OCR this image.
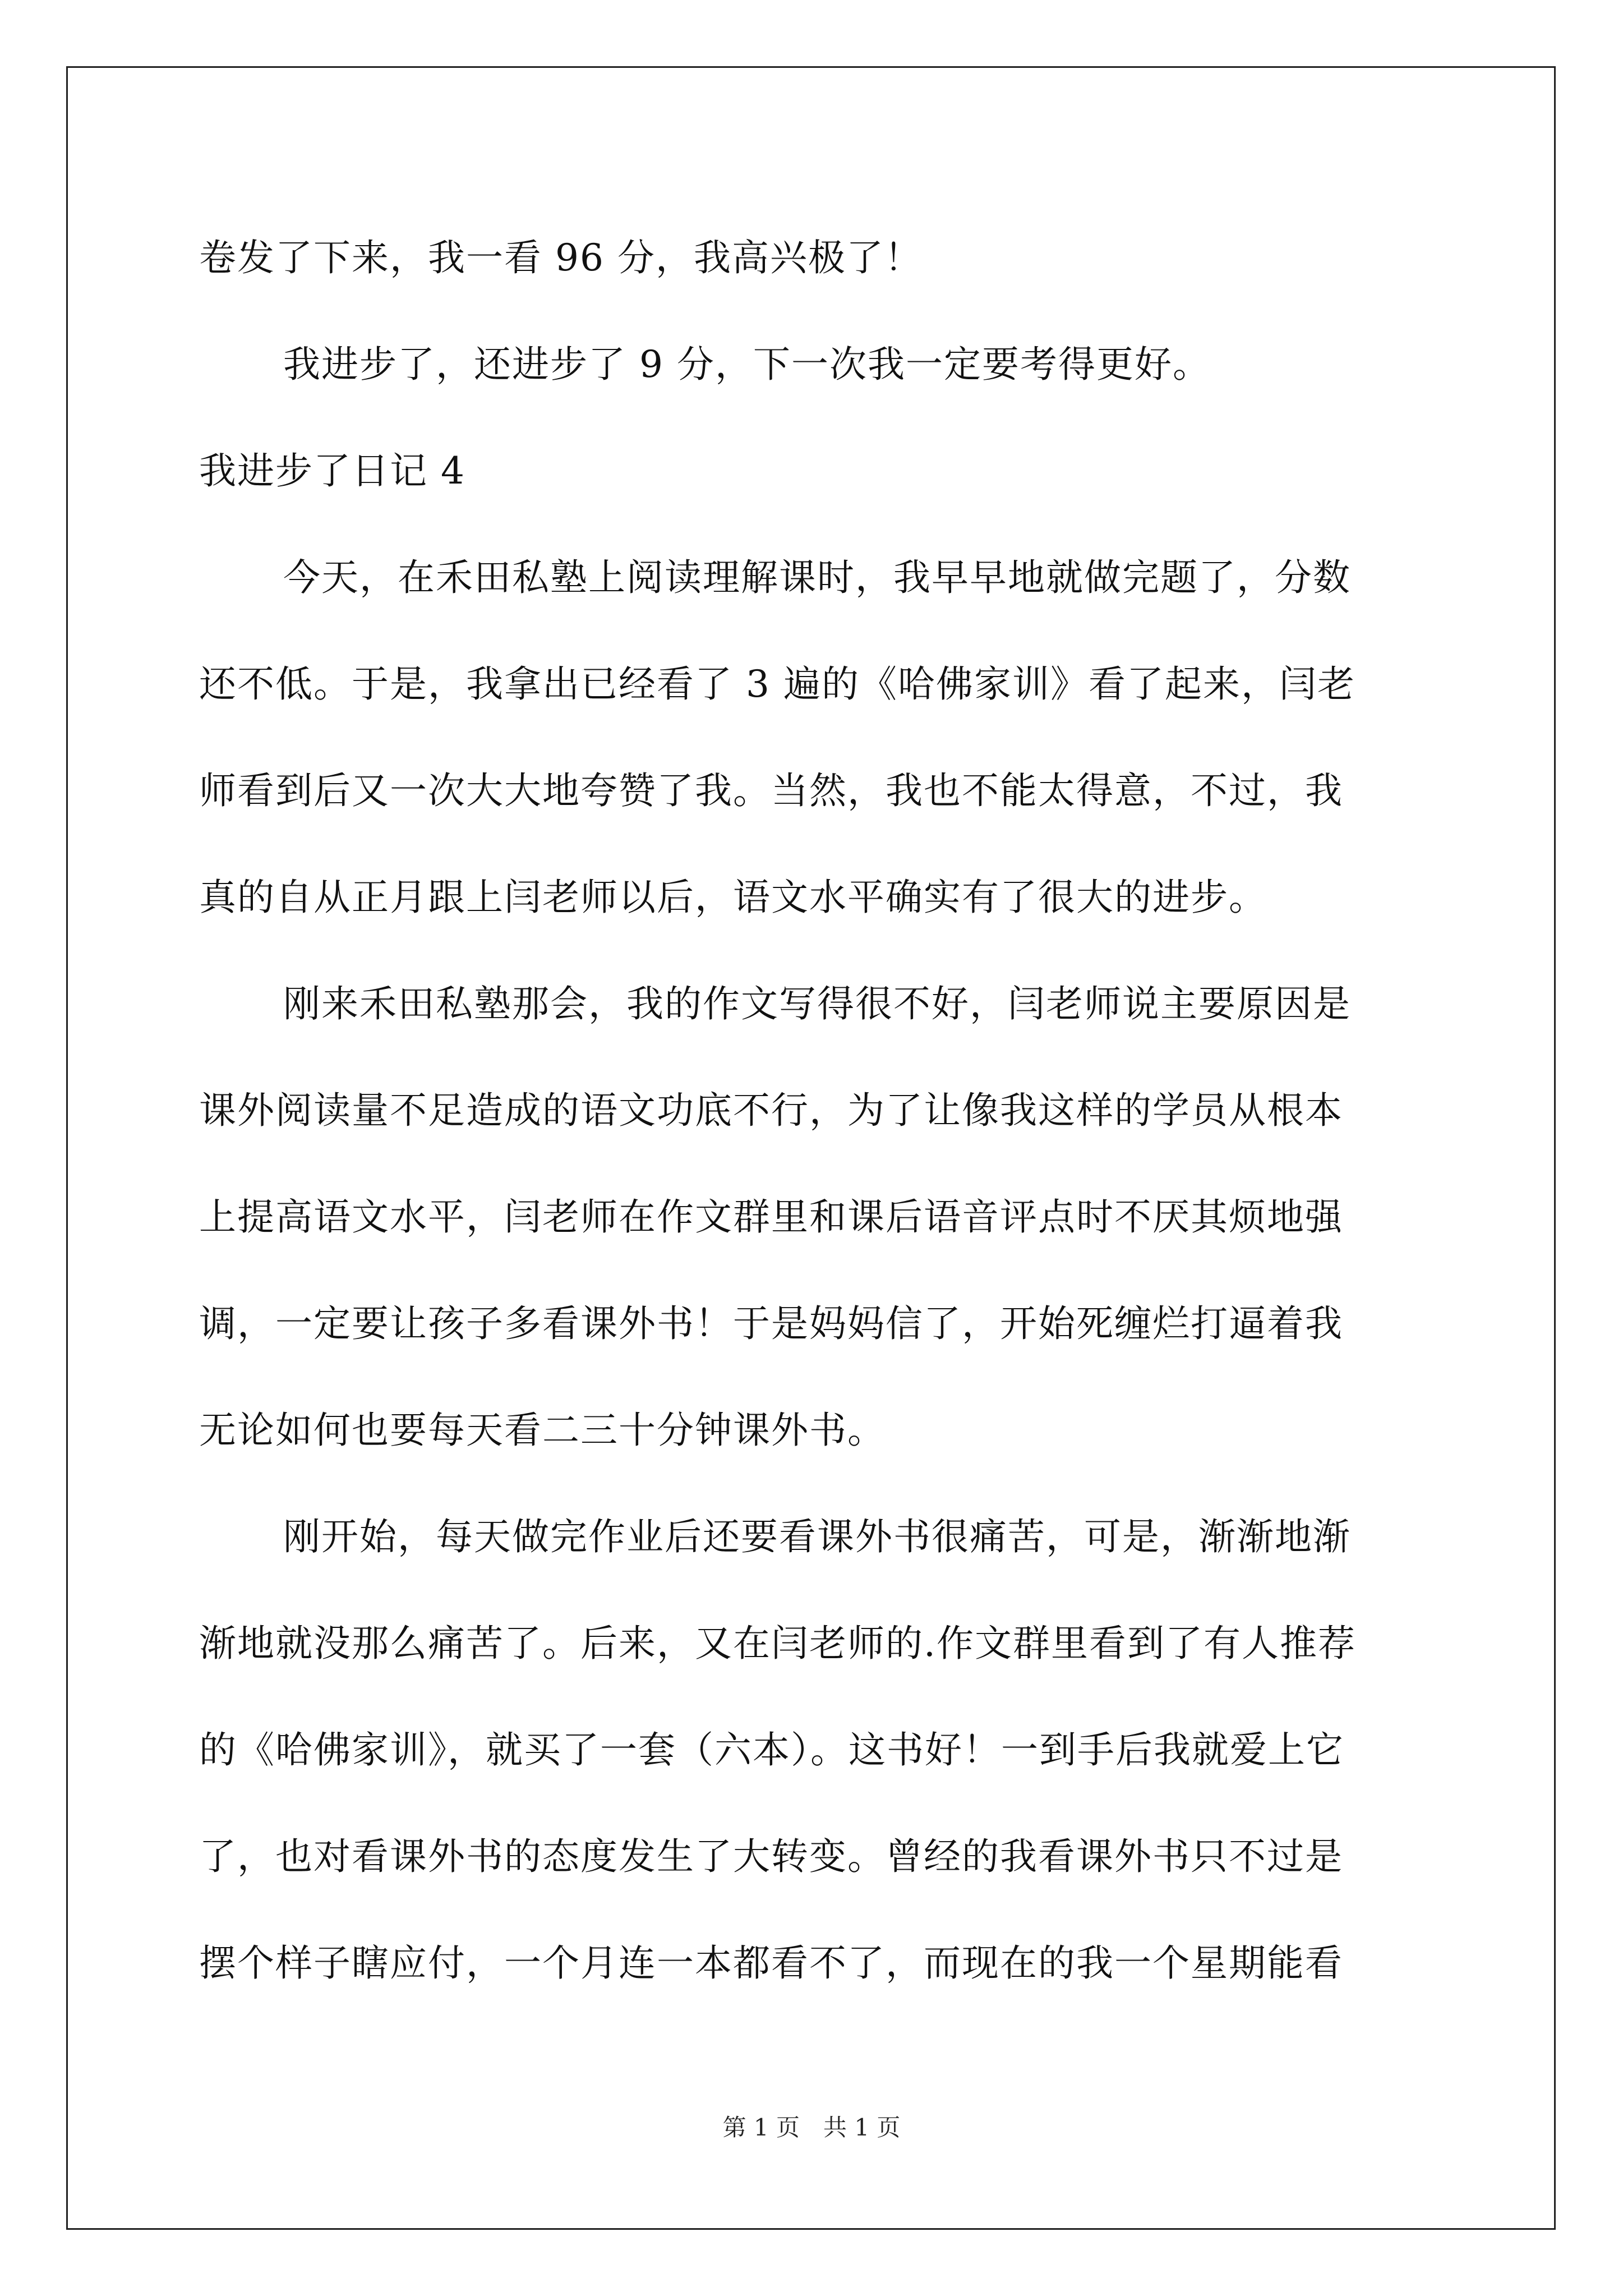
卷发了下来，我一看 96 分，我高兴极了！
我进步了，还进步了 9 分，下一次我一定要考得更好。
我进步了日记 4
今天，在禾田私塾上阅读理解课时，我早早地就做完题了，分数
还不低。于是，我拿出已经看了 3 遍的《哈佛家训》看了起来，闫老
师看到后又一次大大地夸赞了我。当然，我也不能太得意，不过，我
真的自从正月跟上闫老师以后，语文水平确实有了很大的进步。
刚来禾田私塾那会，我的作文写得很不好，闫老师说主要原因是
课外阅读量不足造成的语文功底不行，为了让像我这样的学员从根本
上提高语文水平，闫老师在作文群里和课后语音评点时不厌其烦地强
调，一定要让孩子多看课外书！于是妈妈信了，开始死缠烂打逼着我
无论如何也要每天看二三十分钟课外书。
刚开始，每天做完作业后还要看课外书很痛苦，可是，渐渐地渐
渐地就没那么痛苦了。后来，又在闫老师的.作文群里看到了有人推荐
的《哈佛家训》，就买了一套（六本）。这书好！一到手后我就爱上它
了，也对看课外书的态度发生了大转变。曾经的我看课外书只不过是
摆个样子瞎应付，一个月连一本都看不了，而现在的我一个星期能看
第 1 页　共 1 页
